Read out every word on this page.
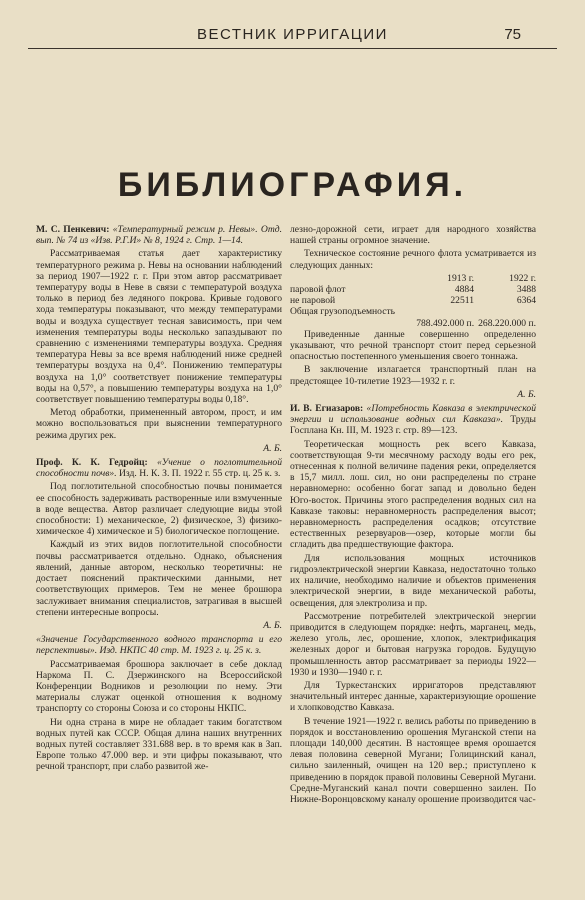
ВЕСТНИК ИРРИГАЦИИ	75
БИБЛИОГРАФИЯ.

М. С. Пенкевич: «Температурный режим р. Невы». Отд. вып. № 74 из «Изв. Р.Г.И» № 8, 1924 г. Стр. 1—14.

Рассматриваемая статья дает характеристику температурного режима р. Невы на основании наблюдений за период 1907—1922 г. г. При этом автор рассматривает температуру воды в Неве в связи с температурой воздуха только в период без ледяного покрова. Кривые годового хода температуры показывают, что между температурами воды и воздуха существует тесная зависимость, при чем изменения температуры воды несколько запаздывают по сравнению с изменениями температуры воздуха. Средняя температура Невы за все время наблюдений ниже средней температуры воздуха на 0,4°. Понижению температуры воздуха на 1,0° соответствует понижение температуры воды на 0,57°, а повышению температуры воздуха на 1,0° соответствует повышению температуры воды 0,18°.

Метод обработки, примененный автором, прост, и им можно воспользоваться при выяснении температурного режима других рек.

А. Б.

Проф. К. К. Гедройц: «Учение о поглотительной способности почв». Изд. Н. К. З. П. 1922 г. 55 стр. ц. 25 к. з.

Под поглотительной способностью почвы понимается ее способность задерживать растворенные или взмученные в воде вещества. Автор различает следующие виды этой способности: 1) механическое, 2) физическое, 3) физико-химическое 4) химическое и 5) биологическое поглощение.

Каждый из этих видов поглотительной способности почвы рассматривается отдельно. Однако, объяснения явлений, данные автором, несколько теоретичны: не достает пояснений практическими данными, нет соответствующих примеров. Тем не менее брошюра заслуживает внимания специалистов, затрагивая в высшей степени интересные вопросы.

А. Б.

«Значение Государственного водного транспорта и его перспективы». Изд. НКПС 40 стр. М. 1923 г. ц. 25 к. з.

Рассматриваемая брошюра заключает в себе доклад Наркома П. С. Дзержинского на Всероссийской Конференции Водников и резолюции по нему. Эти материалы служат оценкой отношения к водному транспорту со стороны Союза и со стороны НКПС.

Ни одна страна в мире не обладает таким богатством водных путей как СССР. Общая длина наших внутренних водных путей составляет 331.688 вер. в то время как в Зап. Европе только 47.000 вер. и эти цифры показывают, что речной транспорт, при слабо развитой же-

лезно-дорожной сети, играет для народного хозяйства нашей страны огромное значение.

Техническое состояние речного флота усматривается из следующих данных:

1913 г.	1922 г.
паровой флот	4884	3488
не паровой	22511	6364
Общая грузоподъемность
788.492.000 п. 268.220.000 п.

Приведенные данные совершенно определенно указывают, что речной транспорт стоит перед серьезной опасностью постепенного уменьшения своего тоннажа.

В заключение излагается транспортный план на предстоящее 10-тилетие 1923—1932 г. г.

А. Б.

И. В. Егиазаров: «Потребность Кавказа в электрической энергии и использование водных сил Кавказа». Труды Госплана Кн. III, М. 1923 г. стр. 89—123.

Теоретическая мощность рек всего Кавказа, соответствующая 9-ти месячному расходу воды его рек, отнесенная к полной величине падения реки, определяется в 15,7 милл. лош. сил, но они распределены по стране неравномерно: особенно богат запад и довольно беден Юго-восток. Причины этого распределения водных сил на Кавказе таковы: неравномерность распределения высот; неравномерность распределения осадков; отсутствие естественных резервуаров—озер, которые могли бы сгладить два предшествующие фактора.

Для использования мощных источников гидроэлектрической энергии Кавказа, недостаточно только их наличие, необходимо наличие и объектов применения электрической энергии, в виде механической работы, освещения, для электролиза и пр.

Рассмотрение потребителей электрической энергии приводится в следующем порядке: нефть, марганец, медь, железо уголь, лес, орошение, хлопок, электрификация железных дорог и бытовая нагрузка городов. Будущую промышленность автор рассматривает за периоды 1922—1930 и 1930—1940 г. г.

Для Туркестанских ирригаторов представляют значительный интерес данные, характеризующие орошение и хлопководство Кавказа.

В течение 1921—1922 г. велись работы по приведению в порядок и восстановлению орошения Муганской степи на площади 140,000 десятин. В настоящее время орошается левая половина северной Мугани; Голицинский канал, сильно заиленный, очищен на 120 вер.; приступлено к приведению в порядок правой половины Северной Мугани. Средне-Муганский канал почти совершенно заилен. По Нижне-Воронцовскому каналу орошение производится час-
